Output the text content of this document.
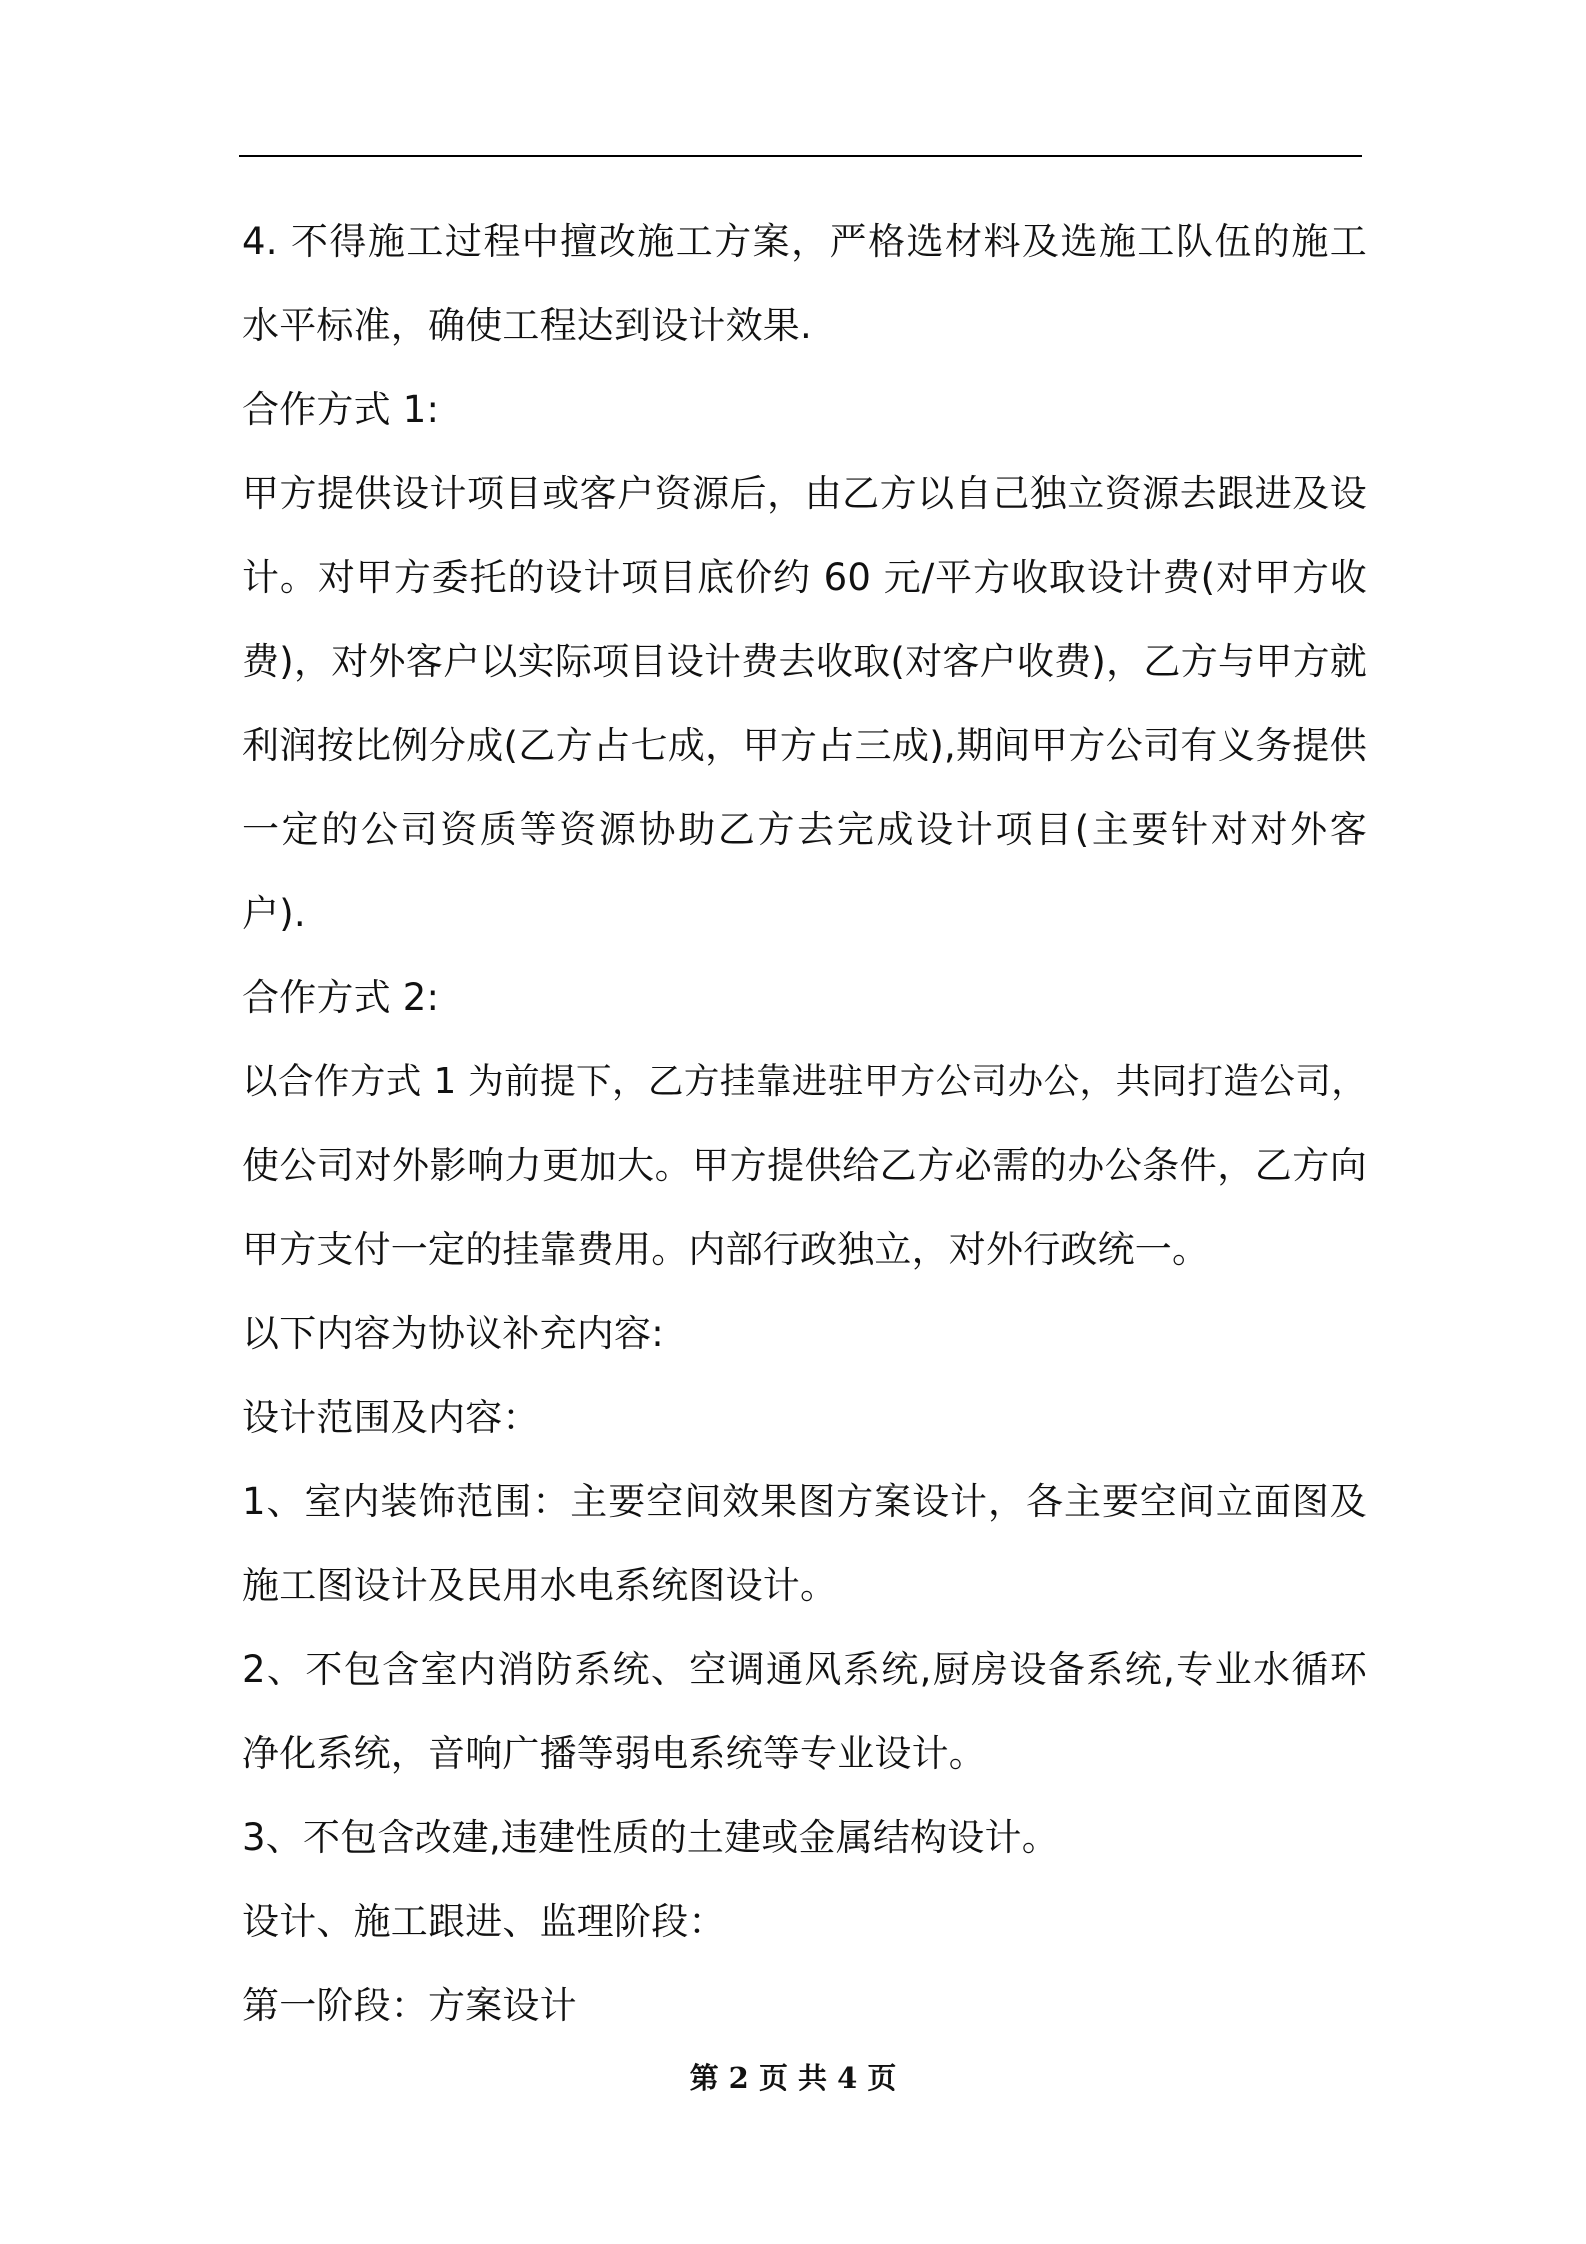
4. 不得施工过程中擅改施工方案，严格选材料及选施工队伍的施工
水平标准，确使工程达到设计效果.
合作方式 1:
甲方提供设计项目或客户资源后，由乙方以自己独立资源去跟进及设
计。对甲方委托的设计项目底价约 60 元/平方收取设计费(对甲方收
费)，对外客户以实际项目设计费去收取(对客户收费)，乙方与甲方就
利润按比例分成(乙方占七成，甲方占三成),期间甲方公司有义务提供
一定的公司资质等资源协助乙方去完成设计项目(主要针对对外客
户).
合作方式 2:
以合作方式 1 为前提下，乙方挂靠进驻甲方公司办公，共同打造公司，
使公司对外影响力更加大。甲方提供给乙方必需的办公条件，乙方向
甲方支付一定的挂靠费用。内部行政独立，对外行政统一。
以下内容为协议补充内容:
设计范围及内容：
1、室内装饰范围：主要空间效果图方案设计，各主要空间立面图及
施工图设计及民用水电系统图设计。
2、不包含室内消防系统、空调通风系统,厨房设备系统,专业水循环
净化系统，音响广播等弱电系统等专业设计。
3、不包含改建,违建性质的土建或金属结构设计。
设计、施工跟进、监理阶段：
第一阶段：方案设计
第 2 页 共 4 页
